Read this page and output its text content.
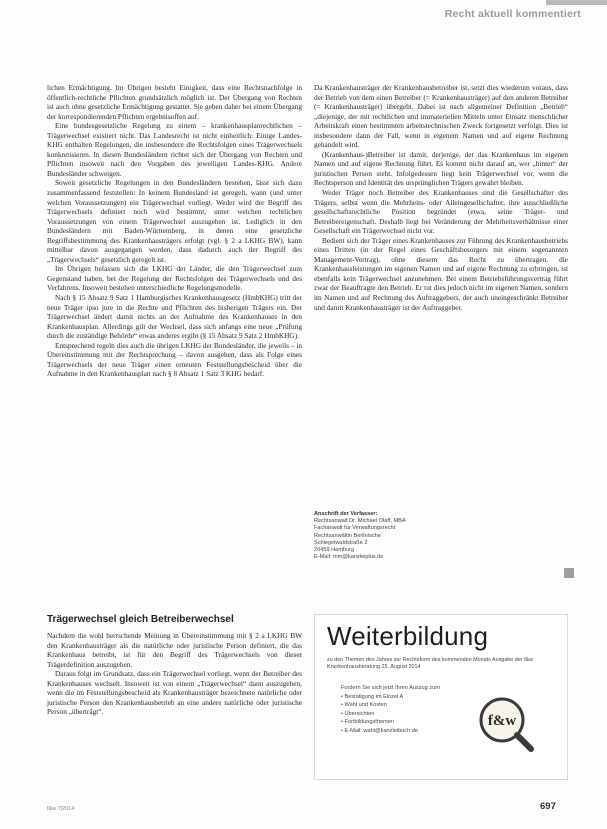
Recht aktuell kommentiert

lichen Ermächtigung. Im Übrigen besteht Einigkeit, dass eine Rechtsnachfolge in öffentlich-rechtliche Pflichten grundsätzlich möglich ist. Der Übergang von Rechten ist auch ohne gesetzliche Ermächtigung gestattet. Sie geben daher bei einem Übergang der korrespondierenden Pflichten ergebnisoffen auf.

Eine bundesgesetzliche Regelung zu einem – krankenhausplanrechtlichen – Trägerwechsel existiert nicht. Das Landesrecht ist nicht einheitlich: Einige Landes-KHG enthalten Regelungen, die insbesondere die Rechtsfolgen eines Trägerwechsels konkretisieren. In diesen Bundesländern richtet sich der Übergang von Rechten und Pflichten insoweit nach den Vorgaben des jeweiligen Landes-KHG. Andere Bundesländer schweigen.

Soweit gesetzliche Regelungen in den Bundesländern bestehen, lässt sich dazu zusammenfassend feststellen: In keinem Bundesland ist geregelt, wann (und unter welchen Voraussetzungen) ein Trägerwechsel vorliegt. Weder wird der Begriff des Trägerwechsels definiert noch wird bestimmt, unter welchen rechtlichen Voraussetzungen von einem Trägerwechsel auszugehen ist. Lediglich in den Bundesländern mit Baden-Württemberg, in denen eine gesetzliche Begriffsbestimmung des Krankenhausträgers erfolgt (vgl. § 2 a LKHG BW), kann mittelbar davon ausgegangen werden, dass dadurch auch der Begriff des „Trägerwechsels“ gesetzlich geregelt ist.

Im Übrigen befassen sich die LKHG der Länder, die den Trägerwechsel zum Gegenstand haben, bei der Regelung der Rechtsfolgen des Trägerwechsels und des Verfahrens. Insoweit bestehen unterschiedliche Regelungsmodelle.

Nach § 15 Absatz 9 Satz 1 Hamburgisches Krankenhausgesetz (HmbKHG) tritt der neue Träger ipso jure in die Rechte und Pflichten des bisherigen Trägers ein. Der Trägerwechsel ändert damit nichts an der Aufnahme des Krankenhauses in den Krankenhausplan. Allerdings gilt der Wechsel, dass sich anfangs eine neue „Prüfung durch die zuständige Behörde“ etwas anderes ergibt (§ 15 Absatz 9 Satz 2 HmbKHG).

Entsprechend regeln dies auch die übrigen LKHG der Bundesländer, die jeweils – in Übereinstimmung mit der Rechtsprechung – davon ausgehen, dass als Folge eines Trägerwechsels der neue Träger einen erneuten Feststellungsbescheid über die Aufnahme in den Krankenhausplan nach § 8 Absatz 1 Satz 3 KHG bedarf.

Trägerwechsel gleich Betreiberwechsel

Nachdem die wohl herrschende Meinung in Übereinstimmung mit § 2 a LKHG BW den Krankenhausträger als die natürliche oder juristische Person definiert, die das Krankenhaus betreibt, ist für den Begriff des Trägerwechsels von dieser Trägerdefinition auszugehen.

Daraus folgt im Grundsatz, dass ein Trägerwechsel vorliegt, wenn der Betreiber des Krankenhauses wechselt. Insoweit ist von einem „Trägerwechsel“ dann auszugehen, wenn die im Feststellungsbescheid als Krankenhausträger bezeichnete natürliche oder juristische Person den Krankenhausbetrieb an eine andere natürliche oder juristische Person „überträgt“.

Da Krankenhausträger der Krankenhausbetreiber ist, setzt dies wiederum voraus, dass der Betrieb von dem einen Betreiber (= Krankenhausträger) auf den anderen Betreiber (= Krankenhausträger) übergeht. Dabei ist nach allgemeiner Definition „Betrieb“ „diejenige, der mit rechtlichen und immateriellen Mitteln unter Einsatz menschlicher Arbeitskraft einen bestimmten arbeitstechnischen Zweck fortgesetzt verfolgt. Dies ist insbesondere dann der Fall, wenn in eigenem Namen und auf eigene Rechnung gehandelt wird.

(Krankenhaus-)Betreiber ist damit, derjenige, der das Krankenhaus im eigenen Namen und auf eigene Rechnung führt. Es kommt nicht darauf an, wer „hinter“ der juristischen Person steht. Infolgedessen liegt kein Trägerwechsel vor, wenn die Rechtsperson und Identität des ursprünglichen Trägers gewahrt bleiben.

Weder Träger noch Betreiber des Krankenhauses sind die Gesellschafter des Trägers, selbst wenn die Mehrheits- oder Alleingesellschafter, ihre ausschließliche gesellschaftsrechtliche Position begründet (etwa, seine Träger- und Betreibereigenschaft. Deshalb liegt bei Veränderung der Mehrheitsverhältnisse einer Gesellschaft ein Trägerwechsel nicht vor.

Bedient sich der Träger eines Krankenhauses zur Führung des Krankenhausbetriebs eines Dritten (in der Regel eines Geschäftsbesorgers mit einem sogenannten Management-Vertrag), ohne diesem das Recht zu übertragen, die Krankenhausleistungen im eigenen Namen und auf eigene Rechnung zu erbringen, ist ebenfalls kein Trägerwechsel anzunehmen. Bei einem Betriebsführungsvertrag führt zwar der Beauftragte den Betrieb. Er tut dies jedoch nicht im eigenen Namen, sondern im Namen und auf Rechnung des Auftraggebers, der auch uneingeschränkt Betreiber und damit Krankenhausträger ist der Auftraggeber.

Anschrift der Verfasser:
Rechtsanwalt Dr. Michael Olaff, MBA
Fachanwalt für Verwaltungsrecht
Rechtsanwältin Berlinische
Schlegelwaldstraße 2
20459 Hamburg
E-Mail: mm@kanzleiplus.de
Weiterbildung
zu den Themen des Jahres zur Rechtsform des kommenden Monats Ausgabe der f&w Krankenhausberatung 25. August 2014
Fordern Sie sich jetzt Ihren Auszug zum
• Bestätigung im Einzel A
• Wahl und Kosten
• Übersichten
• Fortbildungsthemen
• E-Mail: wahl@kanzleibuch.de
f&w
f&w 7|2014	697
